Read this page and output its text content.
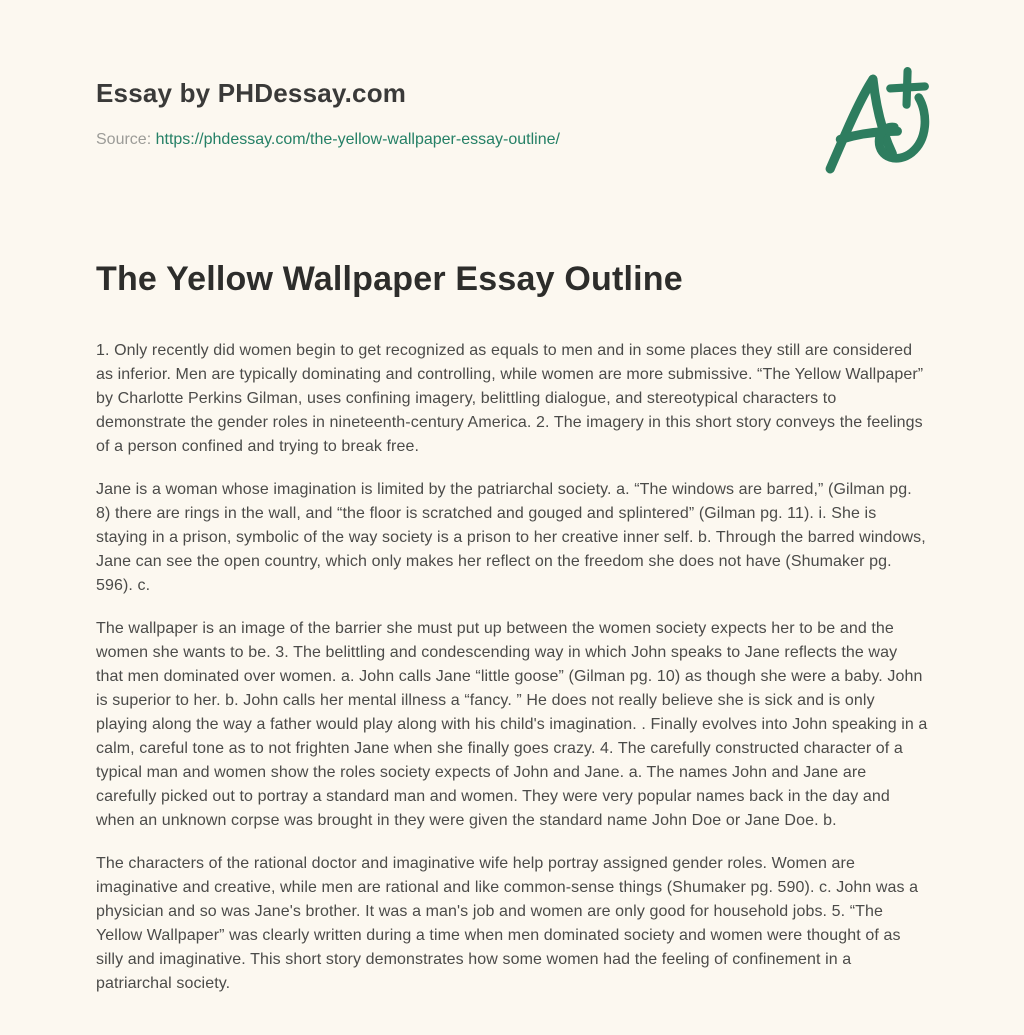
Essay by PHDessay.com
Source: https://phdessay.com/the-yellow-wallpaper-essay-outline/
The Yellow Wallpaper Essay Outline

1. Only recently did women begin to get recognized as equals to men and in some places they still are considered as inferior. Men are typically dominating and controlling, while women are more submissive. “The Yellow Wallpaper” by Charlotte Perkins Gilman, uses confining imagery, belittling dialogue, and stereotypical characters to demonstrate the gender roles in nineteenth-century America. 2. The imagery in this short story conveys the feelings of a person confined and trying to break free.

Jane is a woman whose imagination is limited by the patriarchal society. a. “The windows are barred,” (Gilman pg. 8) there are rings in the wall, and “the floor is scratched and gouged and splintered” (Gilman pg. 11). i. She is staying in a prison, symbolic of the way society is a prison to her creative inner self. b. Through the barred windows, Jane can see the open country, which only makes her reflect on the freedom she does not have (Shumaker pg. 596). c.

The wallpaper is an image of the barrier she must put up between the women society expects her to be and the women she wants to be. 3. The belittling and condescending way in which John speaks to Jane reflects the way that men dominated over women. a. John calls Jane “little goose” (Gilman pg. 10) as though she were a baby. John is superior to her. b. John calls her mental illness a “fancy. ” He does not really believe she is sick and is only playing along the way a father would play along with his child's imagination. . Finally evolves into John speaking in a calm, careful tone as to not frighten Jane when she finally goes crazy. 4. The carefully constructed character of a typical man and women show the roles society expects of John and Jane. a. The names John and Jane are carefully picked out to portray a standard man and women. They were very popular names back in the day and when an unknown corpse was brought in they were given the standard name John Doe or Jane Doe. b.

The characters of the rational doctor and imaginative wife help portray assigned gender roles. Women are imaginative and creative, while men are rational and like common-sense things (Shumaker pg. 590). c. John was a physician and so was Jane's brother. It was a man's job and women are only good for household jobs. 5. “The Yellow Wallpaper” was clearly written during a time when men dominated society and women were thought of as silly and imaginative. This short story demonstrates how some women had the feeling of confinement in a patriarchal society.
